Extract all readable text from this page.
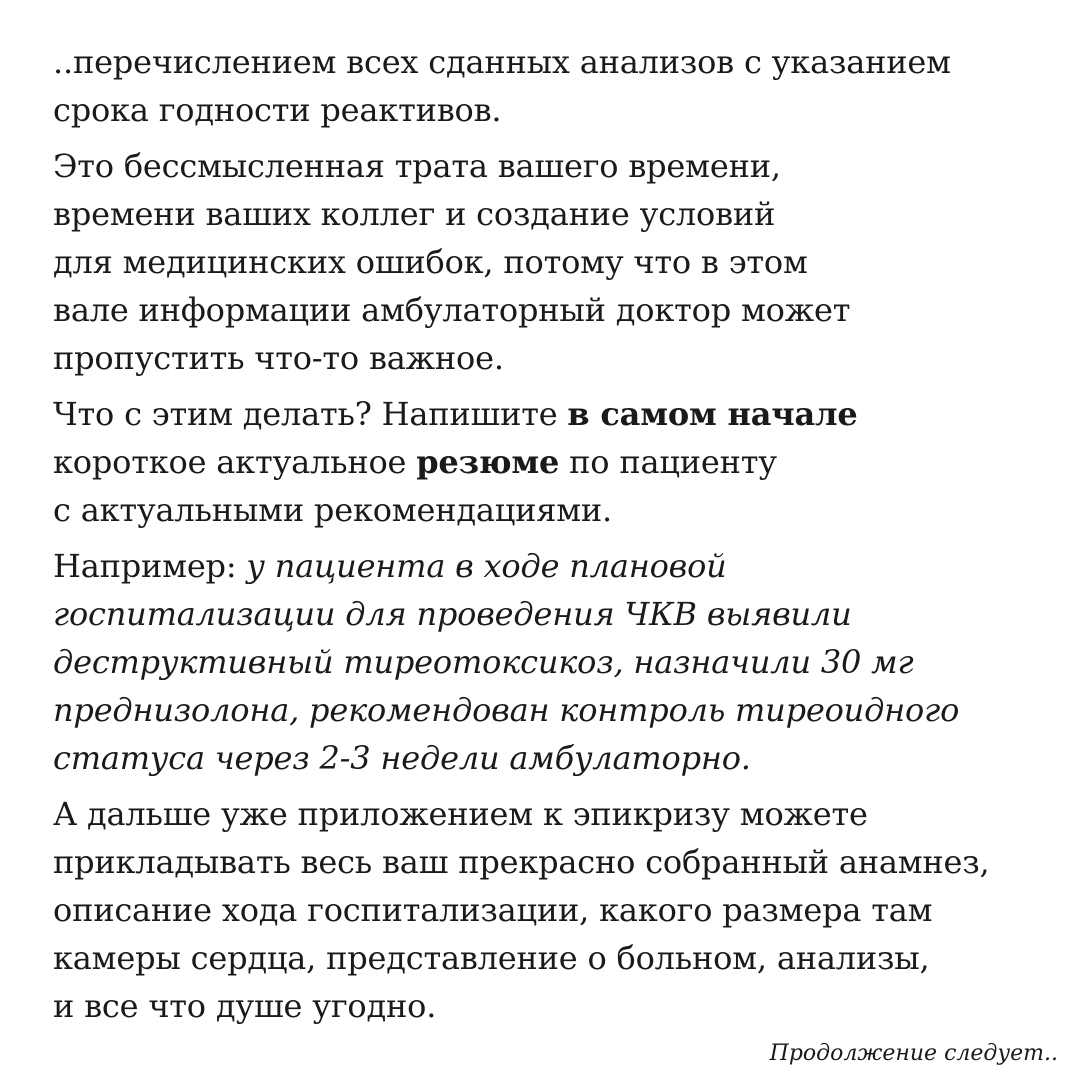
..перечислением всех сданных анализов с указанием
срока годности реактивов.

Это бессмысленная трата вашего времени,
времени ваших коллег и создание условий
для медицинских ошибок, потому что в этом
вале информации амбулаторный доктор может
пропустить что-то важное.

Что с этим делать? Напишите в самом начале
короткое актуальное резюме по пациенту
с актуальными рекомендациями.

Например: у пациента в ходе плановой
госпитализации для проведения ЧКВ выявили
деструктивный тиреотоксикоз, назначили 30 мг
преднизолона, рекомендован контроль тиреоидного
статуса через 2-3 недели амбулаторно.

А дальше уже приложением к эпикризу можете
прикладывать весь ваш прекрасно собранный анамнез,
описание хода госпитализации, какого размера там
камеры сердца, представление о больном, анализы,
и все что душе угодно.

Продолжение следует..
